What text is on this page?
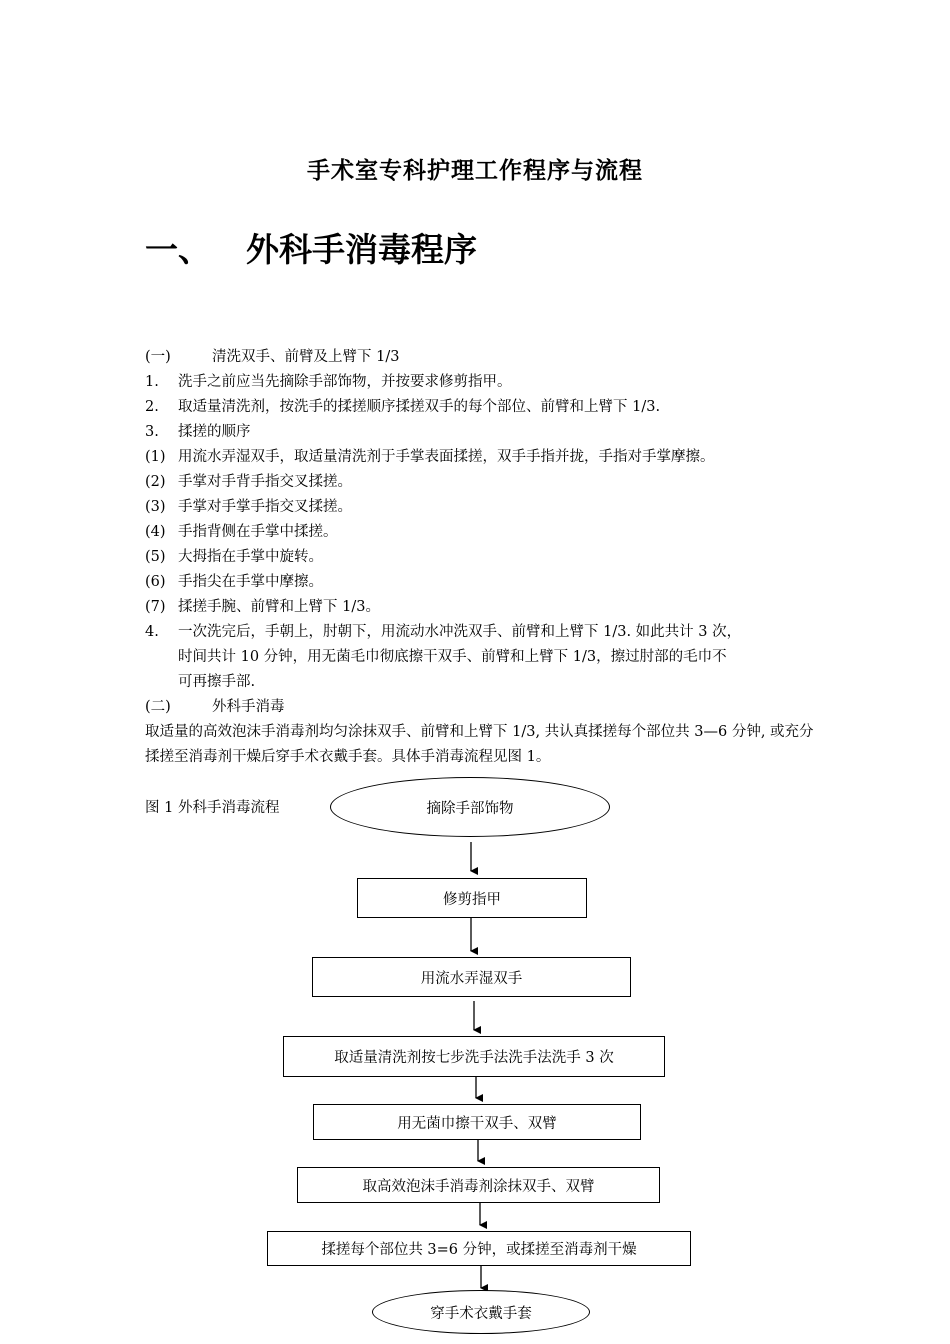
手术室专科护理工作程序与流程
一、 外科手消毒程序
(一)	清洗双手、前臂及上臂下 1/3
1. 洗手之前应当先摘除手部饰物，并按要求修剪指甲。
2. 取适量清洗剂，按洗手的揉搓顺序揉搓双手的每个部位、前臂和上臂下 1/3.
3. 揉搓的顺序
(1) 用流水弄湿双手，取适量清洗剂于手掌表面揉搓，双手手指并拢，手指对手掌摩擦。
(2) 手掌对手背手指交叉揉搓。
(3) 手掌对手掌手指交叉揉搓。
(4) 手指背侧在手掌中揉搓。
(5) 大拇指在手掌中旋转。
(6) 手指尖在手掌中摩擦。
(7) 揉搓手腕、前臂和上臂下 1/3。
4. 一次洗完后，手朝上，肘朝下，用流动水冲洗双手、前臂和上臂下 1/3. 如此共计 3 次，
时间共计 10 分钟，用无菌毛巾彻底擦干双手、前臂和上臂下 1/3，擦过肘部的毛巾不
可再擦手部.
(二)	外科手消毒
取适量的高效泡沫手消毒剂均匀涂抹双手、前臂和上臂下 1/3, 共认真揉搓每个部位共 3—6 分钟, 或充分揉搓至消毒剂干燥后穿手术衣戴手套。具体手消毒流程见图 1。
图 1 外科手消毒流程	摘除手部饰物
修剪指甲
用流水弄湿双手
取适量清洗剂按七步洗手法洗手法洗手 3 次
用无菌巾擦干双手、双臂
取高效泡沫手消毒剂涂抹双手、双臂
揉搓每个部位共 3=6 分钟，或揉搓至消毒剂干燥
穿手术衣戴手套
